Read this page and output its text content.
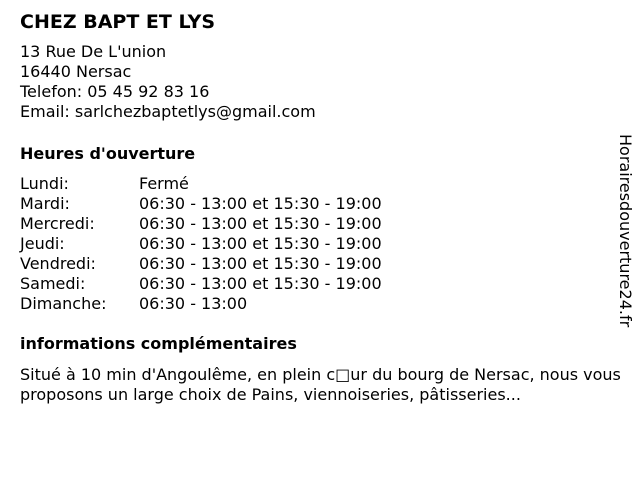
CHEZ BAPT ET LYS
13 Rue De L'union
16440 Nersac
Telefon: 05 45 92 83 16
Email: sarlchezbaptetlys@gmail.com
Heures d'ouverture
Lundi:	Fermé
Mardi:	06:30 - 13:00 et 15:30 - 19:00
Mercredi:	06:30 - 13:00 et 15:30 - 19:00
Jeudi:	06:30 - 13:00 et 15:30 - 19:00
Vendredi:	06:30 - 13:00 et 15:30 - 19:00
Samedi:	06:30 - 13:00 et 15:30 - 19:00
Dimanche:	06:30 - 13:00
informations complémentaires
Situé à 10 min d'Angoulême, en plein c□ur du bourg de Nersac, nous vous proposons un large choix de Pains, viennoiseries, pâtisseries...
Horairesdouverture24.fr
